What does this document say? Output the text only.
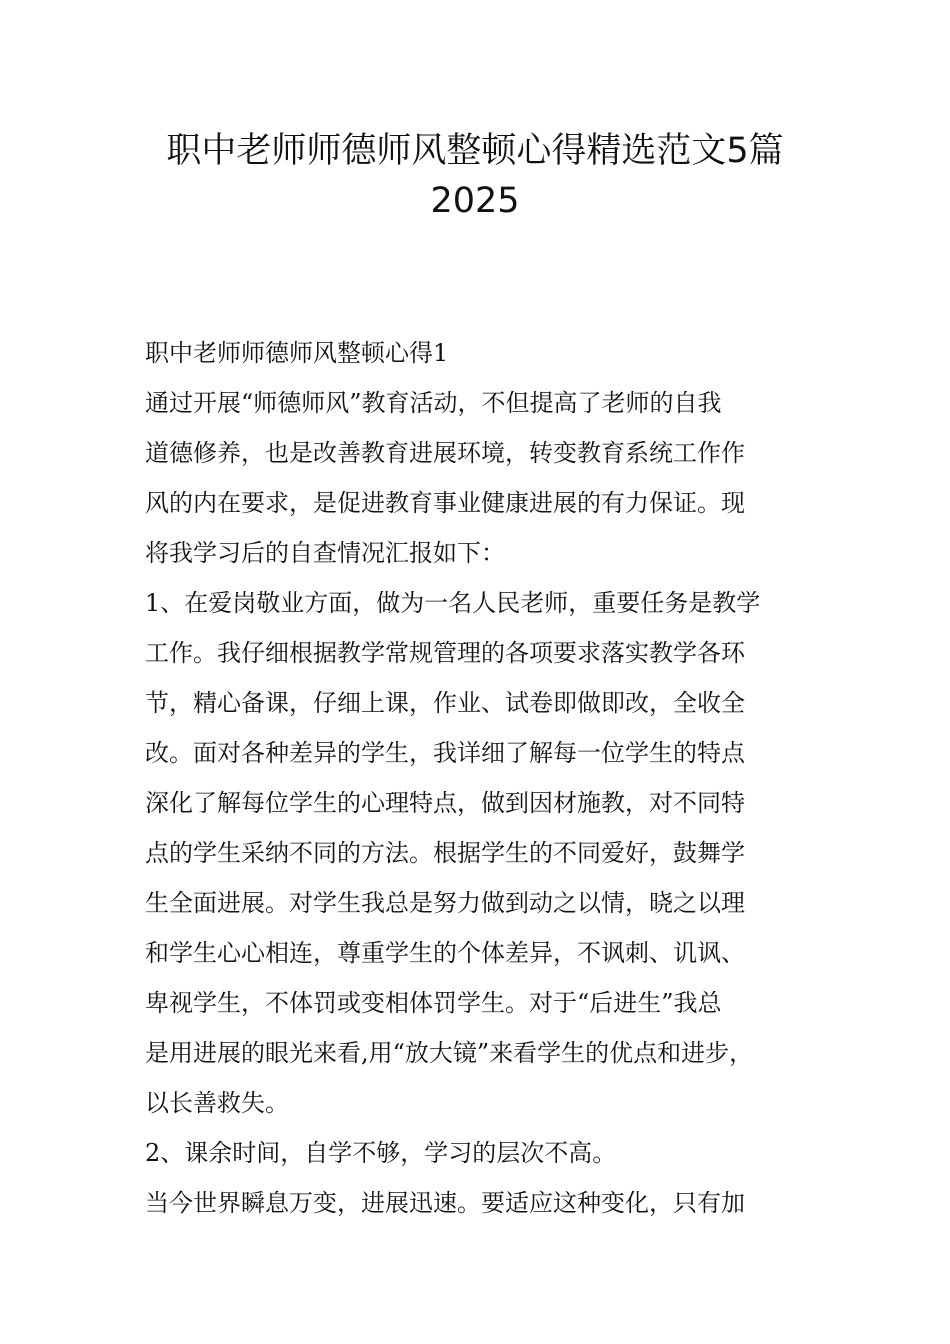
职中老师师德师风整顿心得精选范文5篇
2025
职中老师师德师风整顿心得1
通过开展“师德师风”教育活动，不但提高了老师的自我
道德修养，也是改善教育进展环境，转变教育系统工作作
风的内在要求，是促进教育事业健康进展的有力保证。现
将我学习后的自查情况汇报如下：
1、在爱岗敬业方面，做为一名人民老师，重要任务是教学
工作。我仔细根据教学常规管理的各项要求落实教学各环
节，精心备课，仔细上课，作业、试卷即做即改，全收全
改。面对各种差异的学生，我详细了解每一位学生的特点
深化了解每位学生的心理特点，做到因材施教，对不同特
点的学生采纳不同的方法。根据学生的不同爱好，鼓舞学
生全面进展。对学生我总是努力做到动之以情，晓之以理
和学生心心相连，尊重学生的个体差异，不讽刺、讥讽、
卑视学生，不体罚或变相体罚学生。对于“后进生”我总
是用进展的眼光来看,用“放大镜”来看学生的优点和进步，
以长善救失。
2、课余时间，自学不够，学习的层次不高。
当今世界瞬息万变，进展迅速。要适应这种变化，只有加
